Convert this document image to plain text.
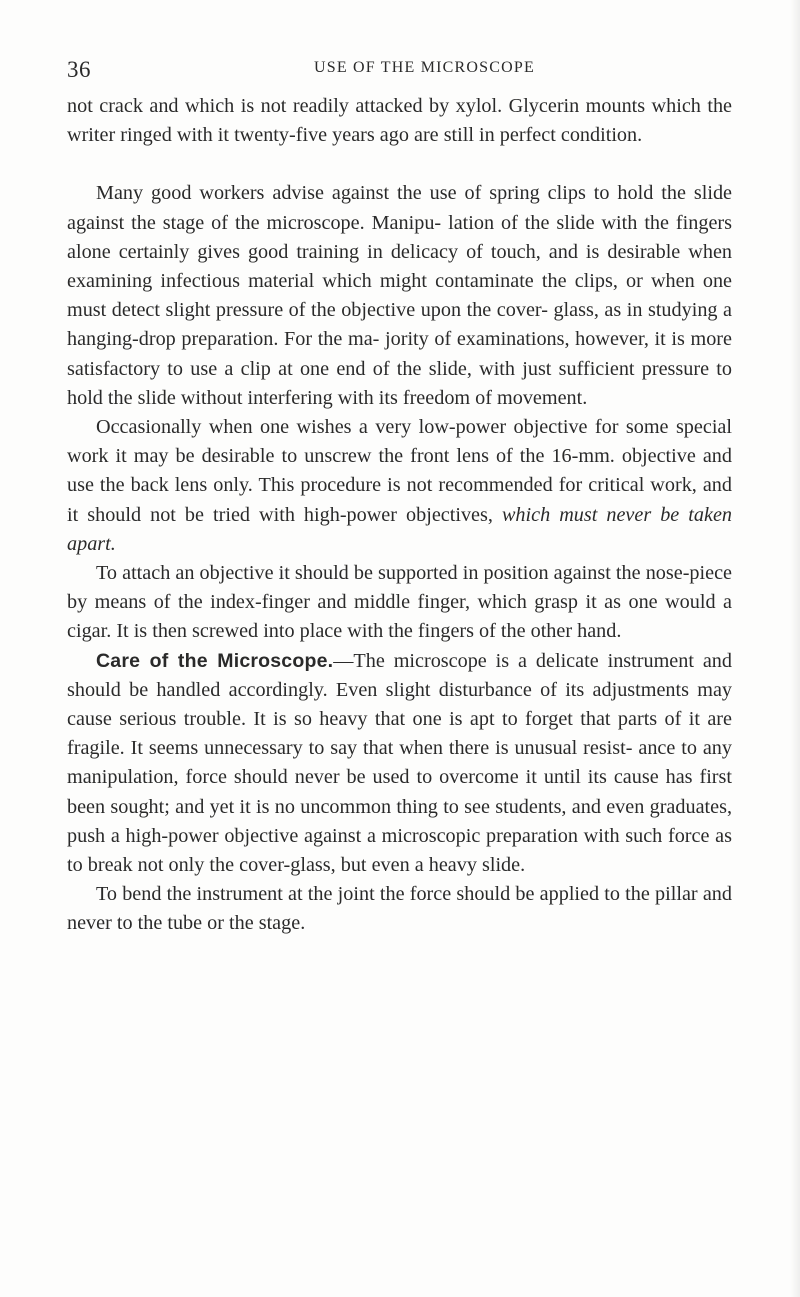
36	USE OF THE MICROSCOPE

not crack and which is not readily attacked by xylol. Glycerin mounts which the writer ringed with it twenty-five years ago are still in perfect condition.

Many good workers advise against the use of spring clips to hold the slide against the stage of the microscope. Manipu- lation of the slide with the fingers alone certainly gives good training in delicacy of touch, and is desirable when examining infectious material which might contaminate the clips, or when one must detect slight pressure of the objective upon the cover- glass, as in studying a hanging-drop preparation. For the ma- jority of examinations, however, it is more satisfactory to use a clip at one end of the slide, with just sufficient pressure to hold the slide without interfering with its freedom of movement.

Occasionally when one wishes a very low-power objective for some special work it may be desirable to unscrew the front lens of the 16-mm. objective and use the back lens only. This procedure is not recommended for critical work, and it should not be tried with high-power objectives, which must never be taken apart.

To attach an objective it should be supported in position against the nose-piece by means of the index-finger and middle finger, which grasp it as one would a cigar. It is then screwed into place with the fingers of the other hand.

Care of the Microscope.—The microscope is a delicate instrument and should be handled accordingly. Even slight disturbance of its adjustments may cause serious trouble. It is so heavy that one is apt to forget that parts of it are fragile. It seems unnecessary to say that when there is unusual resist- ance to any manipulation, force should never be used to overcome it until its cause has first been sought; and yet it is no uncommon thing to see students, and even graduates, push a high-power objective against a microscopic preparation with such force as to break not only the cover-glass, but even a heavy slide.

To bend the instrument at the joint the force should be applied to the pillar and never to the tube or the stage.
